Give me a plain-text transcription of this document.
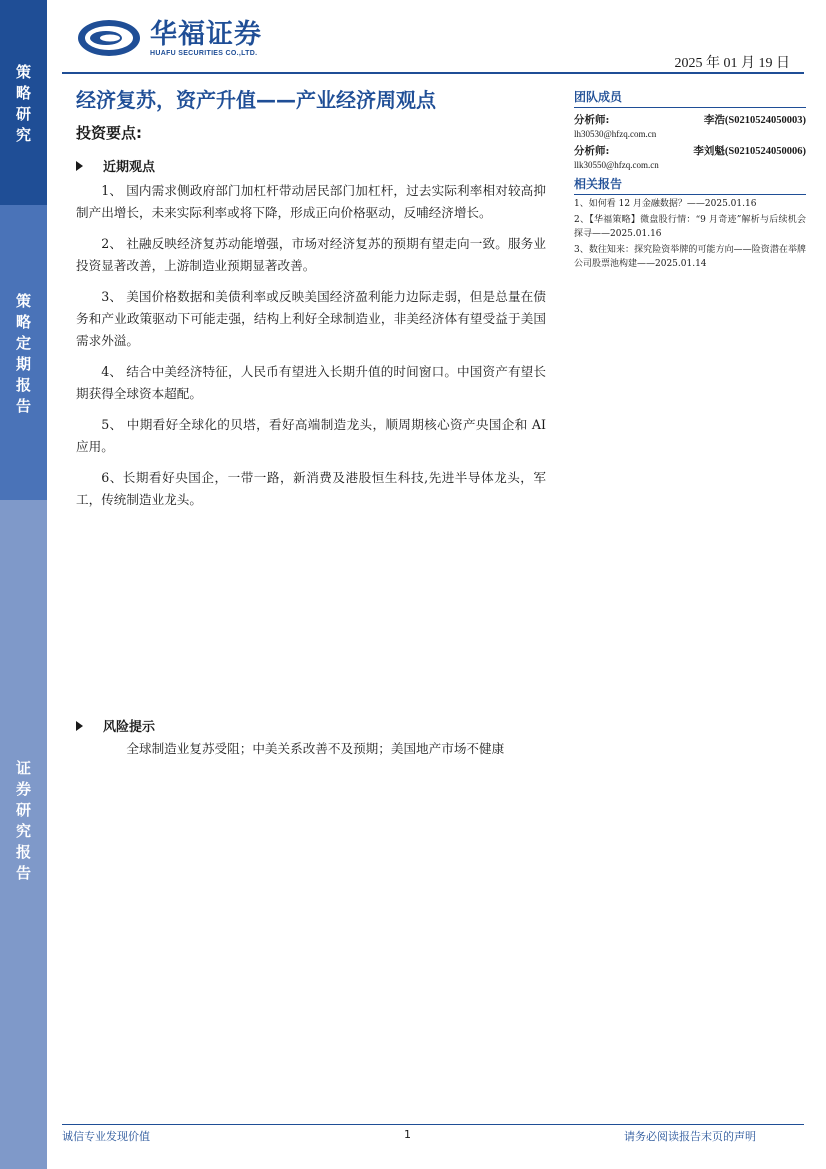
策略研究
策略定期报告
证券研究报告
华福证券
HUAFU SECURITIES CO.,LTD.
2025 年 01 月 19 日
经济复苏，资产升值——产业经济周观点
投资要点:
近期观点

1、 国内需求侧政府部门加杠杆带动居民部门加杠杆，过去实际利率相对较高抑制产出增长，未来实际利率或将下降，形成正向价格驱动，反哺经济增长。

2、 社融反映经济复苏动能增强，市场对经济复苏的预期有望走向一致。服务业投资显著改善，上游制造业预期显著改善。

3、 美国价格数据和美债利率或反映美国经济盈利能力边际走弱，但是总量在债务和产业政策驱动下可能走强，结构上利好全球制造业，非美经济体有望受益于美国需求外溢。

4、 结合中美经济特征，人民币有望进入长期升值的时间窗口。中国资产有望长期获得全球资本超配。

5、 中期看好全球化的贝塔，看好高端制造龙头，顺周期核心资产央国企和 AI 应用。

6、长期看好央国企，一带一路，新消费及港股恒生科技,先进半导体龙头，军工，传统制造业龙头。

风险提示

全球制造业复苏受阻；中美关系改善不及预期；美国地产市场不健康

团队成员
分析师:	李浩(S0210524050003)
lh30530@hfzq.com.cn
分析师:	李刘魁(S0210524050006)
llk30550@hfzq.com.cn
相关报告
1、如何看 12 月金融数据？——2025.01.16
2、【华福策略】微盘股行情：“9 月奇迹”解析与后续机会探寻——2025.01.16
3、数往知来：探究险资举牌的可能方向——险资潜在举牌公司股票池构建——2025.01.14
诚信专业发现价值	1	请务必阅读报告末页的声明
